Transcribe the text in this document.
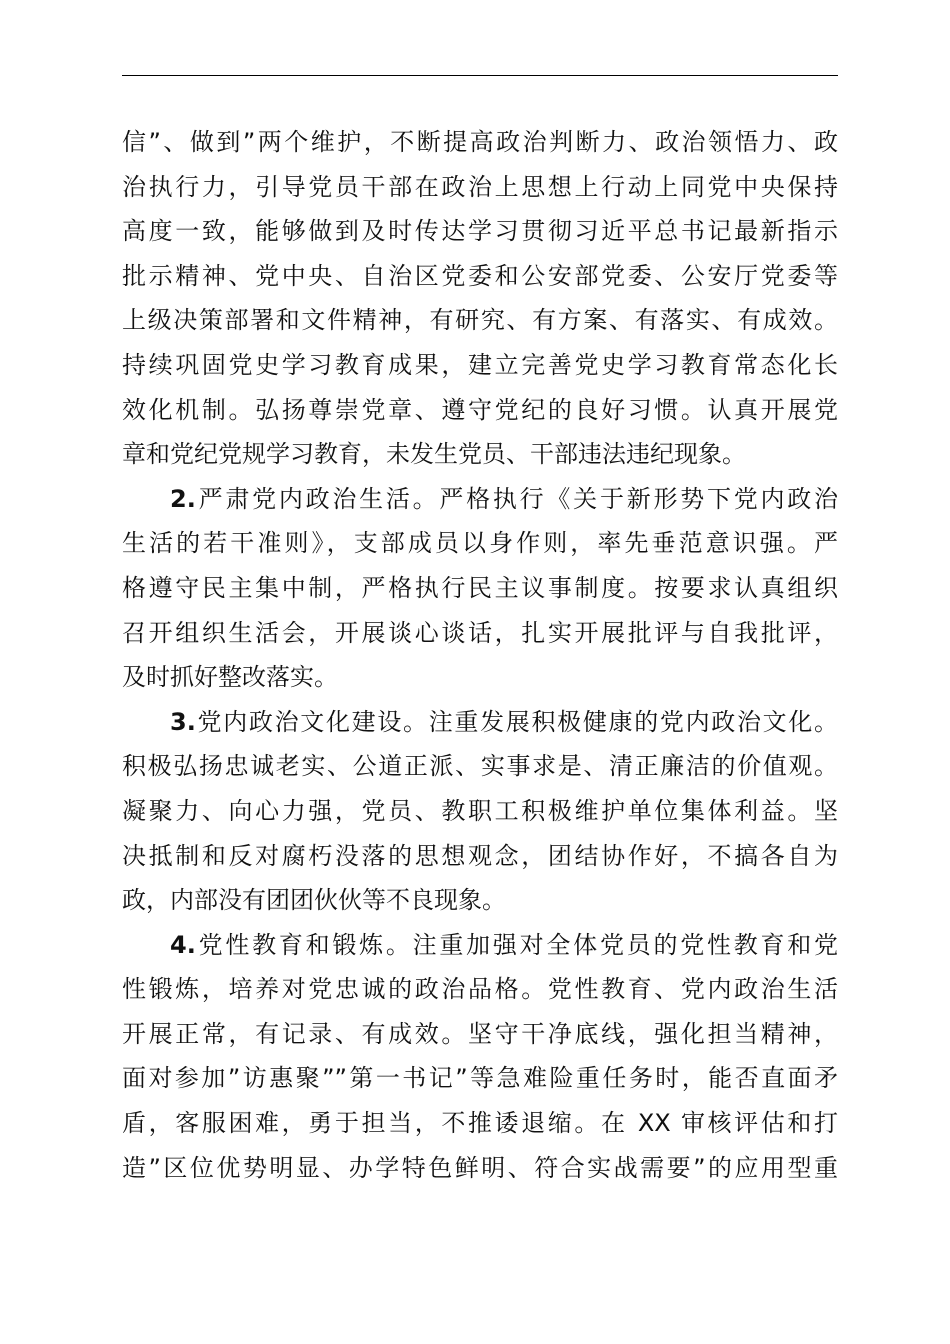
信”、做到”两个维护，不断提高政治判断力、政治领悟力、政
治执行力，引导党员干部在政治上思想上行动上同党中央保持
高度一致，能够做到及时传达学习贯彻习近平总书记最新指示
批示精神、党中央、自治区党委和公安部党委、公安厅党委等
上级决策部署和文件精神，有研究、有方案、有落实、有成效。
持续巩固党史学习教育成果，建立完善党史学习教育常态化长
效化机制。弘扬尊崇党章、遵守党纪的良好习惯。认真开展党
章和党纪党规学习教育，未发生党员、干部违法违纪现象。
2.严肃党内政治生活。严格执行《关于新形势下党内政治
生活的若干准则》，支部成员以身作则，率先垂范意识强。严
格遵守民主集中制，严格执行民主议事制度。按要求认真组织
召开组织生活会，开展谈心谈话，扎实开展批评与自我批评，
及时抓好整改落实。
3.党内政治文化建设。注重发展积极健康的党内政治文化。
积极弘扬忠诚老实、公道正派、实事求是、清正廉洁的价值观。
凝聚力、向心力强，党员、教职工积极维护单位集体利益。坚
决抵制和反对腐朽没落的思想观念，团结协作好，不搞各自为
政，内部没有团团伙伙等不良现象。
4.党性教育和锻炼。注重加强对全体党员的党性教育和党
性锻炼，培养对党忠诚的政治品格。党性教育、党内政治生活
开展正常，有记录、有成效。坚守干净底线，强化担当精神，
面对参加”访惠聚””第一书记”等急难险重任务时，能否直面矛
盾，客服困难，勇于担当，不推诿退缩。在 XX 审核评估和打
造”区位优势明显、办学特色鲜明、符合实战需要”的应用型重
